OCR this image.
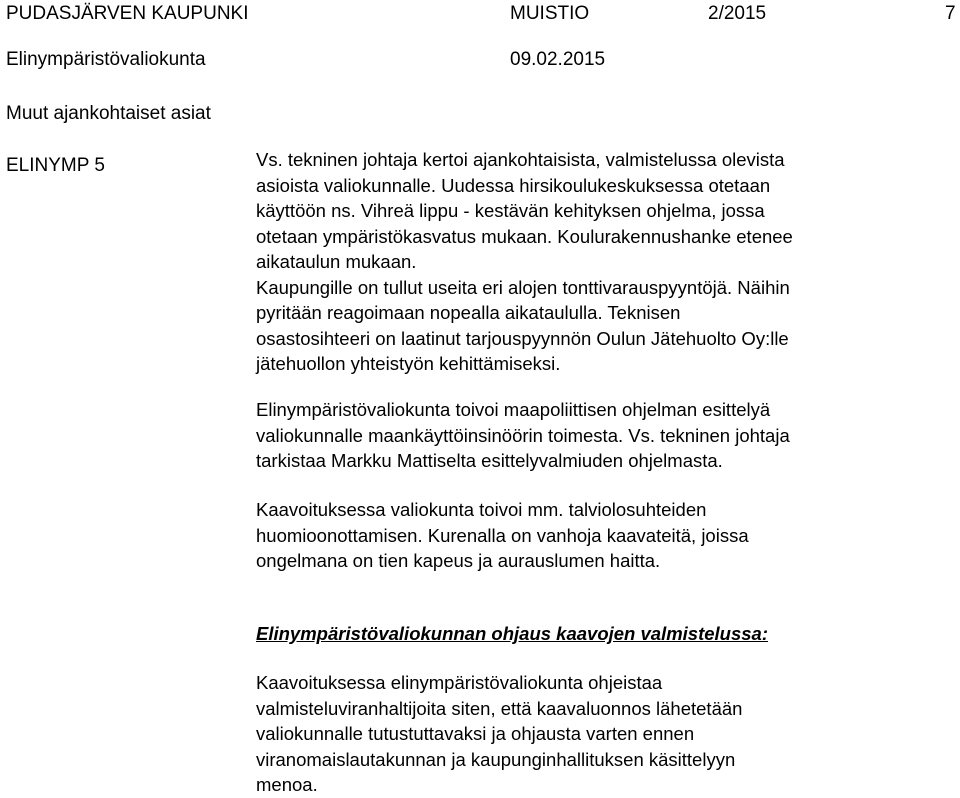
PUDASJÄRVEN KAUPUNKI	MUISTIO	2/2015	7
Elinympäristövaliokunta	09.02.2015
Muut ajankohtaiset asiat
ELINYMP 5	Vs. tekninen johtaja kertoi ajankohtaisista, valmistelussa olevista
asioista valiokunnalle. Uudessa hirsikoulukeskuksessa otetaan
käyttöön ns. Vihreä lippu - kestävän kehityksen ohjelma, jossa
otetaan ympäristökasvatus mukaan. Koulurakennushanke etenee
aikataulun mukaan.
Kaupungille on tullut useita eri alojen tonttivarauspyyntöjä. Näihin
pyritään reagoimaan nopealla aikataululla. Teknisen
osastosihteeri on laatinut tarjouspyynnön Oulun Jätehuolto Oy:lle
jätehuollon yhteistyön kehittämiseksi.
Elinympäristövaliokunta toivoi maapoliittisen ohjelman esittelyä
valiokunnalle maankäyttöinsinöörin toimesta. Vs. tekninen johtaja
tarkistaa Markku Mattiselta esittelyvalmiuden ohjelmasta.
Kaavoituksessa valiokunta toivoi mm. talviolosuhteiden
huomioonottamisen. Kurenalla on vanhoja kaavateitä, joissa
ongelmana on tien kapeus ja aurauslumen haitta.
Elinympäristövaliokunnan ohjaus kaavojen valmistelussa:
Kaavoituksessa elinympäristövaliokunta ohjeistaa
valmisteluviranhaltijoita siten, että kaavaluonnos lähetetään
valiokunnalle tutustuttavaksi ja ohjausta varten ennen
viranomaislautakunnan ja kaupunginhallituksen käsittelyyn
menoa.
